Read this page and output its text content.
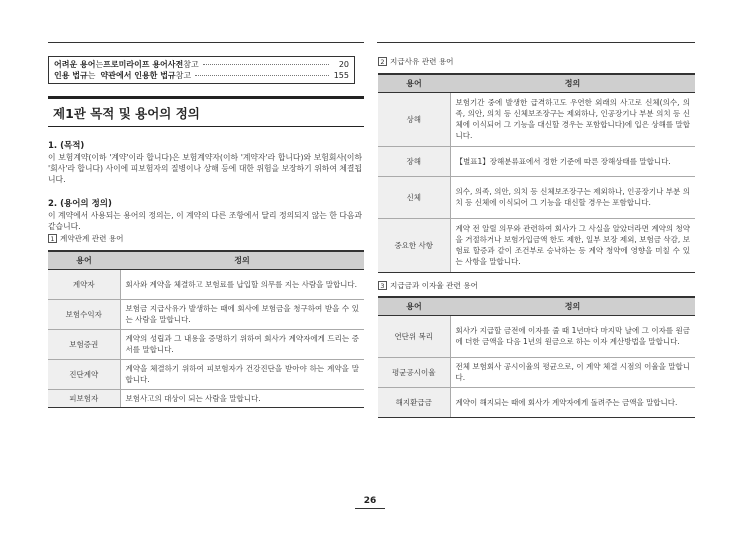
어려운 용어 는 프로미라이프 용어사전 참고	20
인용 법규 는 약관에서 인용한 법규 참고	155
제1관 목적 및 용어의 정의
1. (목적)
이 보험계약(이하 '계약'이라 합니다)은 보험계약자(이하 '계약자'라 합니다)와 보험회사(이하 '회사'라 합니다) 사이에 피보험자의 질병이나 상해 등에 대한 위험을 보장하기 위하여 체결됩니다.
2. (용어의 정의)
이 계약에서 사용되는 용어의 정의는, 이 계약의 다른 조항에서 달리 정의되지 않는 한 다음과 같습니다.
1 계약관계 관련 용어
용어	정의
계약자	회사와 계약을 체결하고 보험료를 납입할 의무를 지는 사람을 말합니다.
보험수익자	보험금 지급사유가 발생하는 때에 회사에 보험금을 청구하여 받을 수 있는 사람을 말합니다.
보험증권	계약의 성립과 그 내용을 증명하기 위하여 회사가 계약자에게 드리는 증서를 말합니다.
진단계약	계약을 체결하기 위하여 피보험자가 건강진단을 받아야 하는 계약을 말합니다.
피보험자	보험사고의 대상이 되는 사람을 말합니다.
2 지급사유 관련 용어
용어	정의
상해	보험기간 중에 발생한 급격하고도 우연한 외래의 사고로 신체(의수, 의족, 의안, 의치 등 신체보조장구는 제외하나, 인공장기나 부분 의치 등 신체에 이식되어 그 기능을 대신할 경우는 포함합니다)에 입은 상해를 말합니다.
장해	【별표1】장해분류표에서 정한 기준에 따른 장해상태를 말합니다.
신체	의수, 의족, 의안, 의치 등 신체보조장구는 제외하나, 인공장기나 부분 의치 등 신체에 이식되어 그 기능을 대신할 경우는 포함합니다.
중요한 사항	계약 전 알릴 의무와 관련하여 회사가 그 사실을 알았더라면 계약의 청약을 거절하거나 보험가입금액 한도 제한, 일부 보장 제외, 보험금 삭감, 보험료 할증과 같이 조건부로 승낙하는 등 계약 청약에 영향을 미칠 수 있는 사항을 말합니다.
3 지급금과 이자율 관련 용어
용어	정의
연단위 복리	회사가 지급할 금전에 이자를 줄 때 1년마다 마지막 날에 그 이자를 원금에 더한 금액을 다음 1년의 원금으로 하는 이자 계산방법을 말합니다.
평균공시이율	전체 보험회사 공시이율의 평균으로, 이 계약 체결 시점의 이율을 말합니다.
해지환급금	계약이 해지되는 때에 회사가 계약자에게 돌려주는 금액을 말합니다.
26
